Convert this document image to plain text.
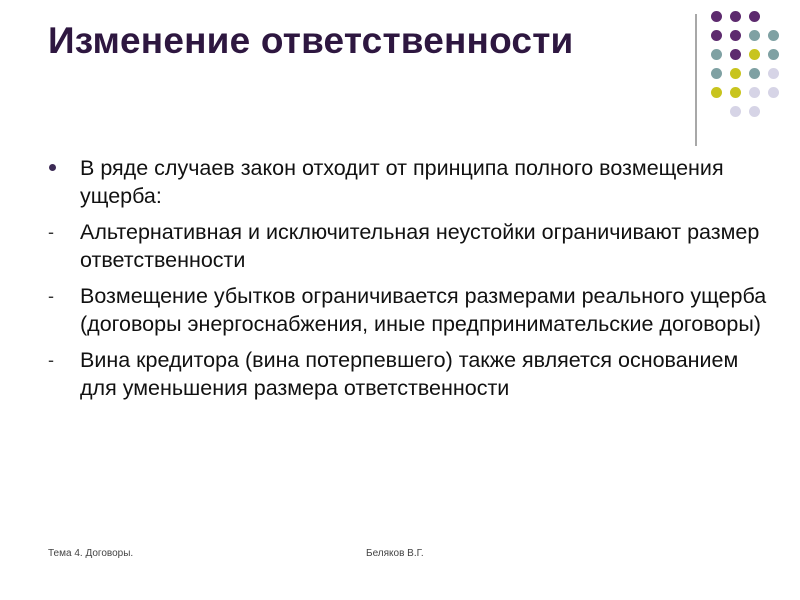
Изменение ответственности
В ряде случаев закон отходит от принципа полного возмещения ущерба:
-	Альтернативная и исключительная неустойки ограничивают размер ответственности
-	Возмещение убытков ограничивается размерами реального ущерба (договоры энергоснабжения, иные предпринимательские договоры)
-	Вина кредитора (вина потерпевшего) также является основанием для уменьшения размера ответственности
Тема 4. Договоры.	Беляков В.Г.
